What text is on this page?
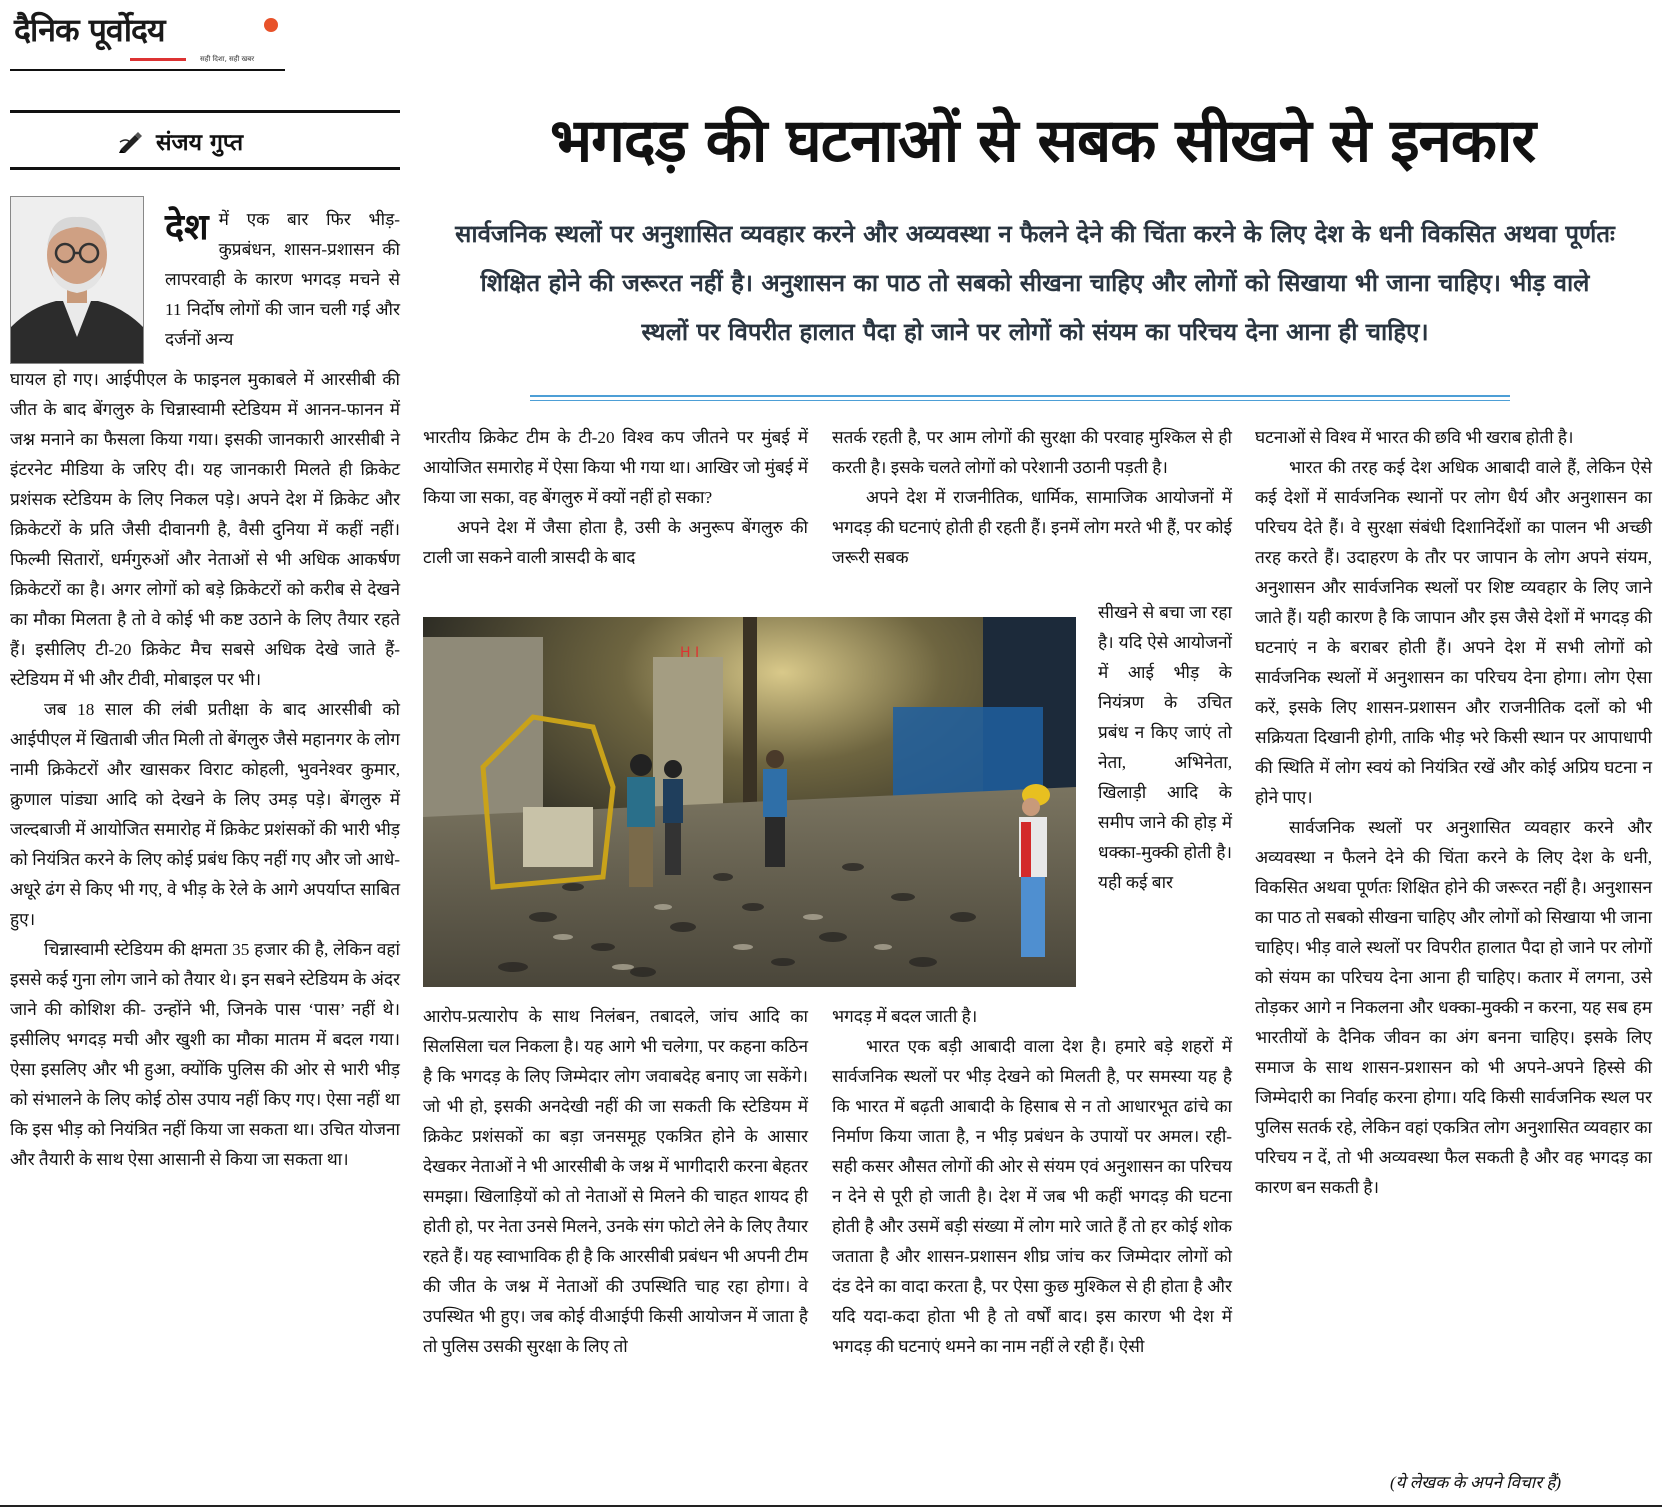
दैनिक पूर्वोदय
सही दिशा, सही खबर
संजय गुप्त	भगदड़ की घटनाओं से सबक सीखने से इनकार
सार्वजनिक स्थलों पर अनुशासित व्यवहार करने और अव्यवस्था न फैलने देने की चिंता करने के लिए देश के धनी विकसित अथवा पूर्णतः शिक्षित होने की जरूरत नहीं है। अनुशासन का पाठ तो सबको सीखना चाहिए और लोगों को सिखाया भी जाना चाहिए। भीड़ वाले स्थलों पर विपरीत हालात पैदा हो जाने पर लोगों को संयम का परिचय देना आना ही चाहिए।

देश में एक बार फिर भीड़-कुप्रबंधन, शासन-प्रशासन की लापरवाही के कारण भगदड़ मचने से 11 निर्दोष लोगों की जान चली गई और दर्जनों अन्य

घायल हो गए। आईपीएल के फाइनल मुकाबले में आरसीबी की जीत के बाद बेंगलुरु के चिन्नास्वामी स्टेडियम में आनन-फानन में जश्न मनाने का फैसला किया गया। इसकी जानकारी आरसीबी ने इंटरनेट मीडिया के जरिए दी। यह जानकारी मिलते ही क्रिकेट प्रशंसक स्टेडियम के लिए निकल पड़े। अपने देश में क्रिकेट और क्रिकेटरों के प्रति जैसी दीवानगी है, वैसी दुनिया में कहीं नहीं। फिल्मी सितारों, धर्मगुरुओं और नेताओं से भी अधिक आकर्षण क्रिकेटरों का है। अगर लोगों को बड़े क्रिकेटरों को करीब से देखने का मौका मिलता है तो वे कोई भी कष्ट उठाने के लिए तैयार रहते हैं। इसीलिए टी-20 क्रिकेट मैच सबसे अधिक देखे जाते हैं- स्टेडियम में भी और टीवी, मोबाइल पर भी।

जब 18 साल की लंबी प्रतीक्षा के बाद आरसीबी को आईपीएल में खिताबी जीत मिली तो बेंगलुरु जैसे महानगर के लोग नामी क्रिकेटरों और खासकर विराट कोहली, भुवनेश्वर कुमार, क्रुणाल पांड्या आदि को देखने के लिए उमड़ पड़े। बेंगलुरु में जल्दबाजी में आयोजित समारोह में क्रिकेट प्रशंसकों की भारी भीड़ को नियंत्रित करने के लिए कोई प्रबंध किए नहीं गए और जो आधे-अधूरे ढंग से किए भी गए, वे भीड़ के रेले के आगे अपर्याप्त साबित हुए।

चिन्नास्वामी स्टेडियम की क्षमता 35 हजार की है, लेकिन वहां इससे कई गुना लोग जाने को तैयार थे। इन सबने स्टेडियम के अंदर जाने की कोशिश की- उन्होंने भी, जिनके पास ‘पास’ नहीं थे। इसीलिए भगदड़ मची और खुशी का मौका मातम में बदल गया। ऐसा इसलिए और भी हुआ, क्योंकि पुलिस की ओर से भारी भीड़ को संभालने के लिए कोई ठोस उपाय नहीं किए गए। ऐसा नहीं था कि इस भीड़ को नियंत्रित नहीं किया जा सकता था। उचित योजना और तैयारी के साथ ऐसा आसानी से किया जा सकता था।

भारतीय क्रिकेट टीम के टी-20 विश्व कप जीतने पर मुंबई में आयोजित समारोह में ऐसा किया भी गया था। आखिर जो मुंबई में किया जा सका, वह बेंगलुरु में क्यों नहीं हो सका?

अपने देश में जैसा होता है, उसी के अनुरूप बेंगलुरु की टाली जा सकने वाली त्रासदी के बाद

H I

आरोप-प्रत्यारोप के साथ निलंबन, तबादले, जांच आदि का सिलसिला चल निकला है। यह आगे भी चलेगा, पर कहना कठिन है कि भगदड़ के लिए जिम्मेदार लोग जवाबदेह बनाए जा सकेंगे। जो भी हो, इसकी अनदेखी नहीं की जा सकती कि स्टेडियम में क्रिकेट प्रशंसकों का बड़ा जनसमूह एकत्रित होने के आसार देखकर नेताओं ने भी आरसीबी के जश्न में भागीदारी करना बेहतर समझा। खिलाड़ियों को तो नेताओं से मिलने की चाहत शायद ही होती हो, पर नेता उनसे मिलने, उनके संग फोटो लेने के लिए तैयार रहते हैं। यह स्वाभाविक ही है कि आरसीबी प्रबंधन भी अपनी टीम की जीत के जश्न में नेताओं की उपस्थिति चाह रहा होगा। वे उपस्थित भी हुए। जब कोई वीआईपी किसी आयोजन में जाता है तो पुलिस उसकी सुरक्षा के लिए तो

सतर्क रहती है, पर आम लोगों की सुरक्षा की परवाह मुश्किल से ही करती है। इसके चलते लोगों को परेशानी उठानी पड़ती है।

अपने देश में राजनीतिक, धार्मिक, सामाजिक आयोजनों में भगदड़ की घटनाएं होती ही रहती हैं। इनमें लोग मरते भी हैं, पर कोई जरूरी सबक

सीखने से बचा जा रहा है। यदि ऐसे आयोजनों में आई भीड़ के नियंत्रण के उचित प्रबंध न किए जाएं तो नेता, अभिनेता, खिलाड़ी आदि के समीप जाने की होड़ में धक्का-मुक्की होती है। यही कई बार

भगदड़ में बदल जाती है।

भारत एक बड़ी आबादी वाला देश है। हमारे बड़े शहरों में सार्वजनिक स्थलों पर भीड़ देखने को मिलती है, पर समस्या यह है कि भारत में बढ़ती आबादी के हिसाब से न तो आधारभूत ढांचे का निर्माण किया जाता है, न भीड़ प्रबंधन के उपायों पर अमल। रही-सही कसर औसत लोगों की ओर से संयम एवं अनुशासन का परिचय न देने से पूरी हो जाती है। देश में जब भी कहीं भगदड़ की घटना होती है और उसमें बड़ी संख्या में लोग मारे जाते हैं तो हर कोई शोक जताता है और शासन-प्रशासन शीघ्र जांच कर जिम्मेदार लोगों को दंड देने का वादा करता है, पर ऐसा कुछ मुश्किल से ही होता है और यदि यदा-कदा होता भी है तो वर्षों बाद। इस कारण भी देश में भगदड़ की घटनाएं थमने का नाम नहीं ले रही हैं। ऐसी

घटनाओं से विश्व में भारत की छवि भी खराब होती है।

भारत की तरह कई देश अधिक आबादी वाले हैं, लेकिन ऐसे कई देशों में सार्वजनिक स्थानों पर लोग धैर्य और अनुशासन का परिचय देते हैं। वे सुरक्षा संबंधी दिशानिर्देशों का पालन भी अच्छी तरह करते हैं। उदाहरण के तौर पर जापान के लोग अपने संयम, अनुशासन और सार्वजनिक स्थलों पर शिष्ट व्यवहार के लिए जाने जाते हैं। यही कारण है कि जापान और इस जैसे देशों में भगदड़ की घटनाएं न के बराबर होती हैं। अपने देश में सभी लोगों को सार्वजनिक स्थलों में अनुशासन का परिचय देना होगा। लोग ऐसा करें, इसके लिए शासन-प्रशासन और राजनीतिक दलों को भी सक्रियता दिखानी होगी, ताकि भीड़ भरे किसी स्थान पर आपाधापी की स्थिति में लोग स्वयं को नियंत्रित रखें और कोई अप्रिय घटना न होने पाए।

सार्वजनिक स्थलों पर अनुशासित व्यवहार करने और अव्यवस्था न फैलने देने की चिंता करने के लिए देश के धनी, विकसित अथवा पूर्णतः शिक्षित होने की जरूरत नहीं है। अनुशासन का पाठ तो सबको सीखना चाहिए और लोगों को सिखाया भी जाना चाहिए। भीड़ वाले स्थलों पर विपरीत हालात पैदा हो जाने पर लोगों को संयम का परिचय देना आना ही चाहिए। कतार में लगना, उसे तोड़कर आगे न निकलना और धक्का-मुक्की न करना, यह सब हम भारतीयों के दैनिक जीवन का अंग बनना चाहिए। इसके लिए समाज के साथ शासन-प्रशासन को भी अपने-अपने हिस्से की जिम्मेदारी का निर्वाह करना होगा। यदि किसी सार्वजनिक स्थल पर पुलिस सतर्क रहे, लेकिन वहां एकत्रित लोग अनुशासित व्यवहार का परिचय न दें, तो भी अव्यवस्था फैल सकती है और वह भगदड़ का कारण बन सकती है।

(ये लेखक के अपने विचार हैं)
